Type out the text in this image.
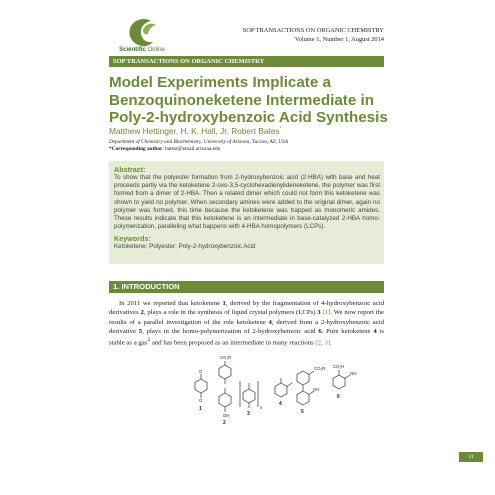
Scientific Online
SOP TRANSACTIONS ON ORGANIC CHEMISTRY
Volume 1, Number 1, August 2014
SOP TRANSACTIONS ON ORGANIC CHEMISTRY
Model Experiments Implicate a Benzoquinoneketene Intermediate in Poly-2-hydroxybenzoic Acid Synthesis
Matthew Hettinger, H. K. Hall, Jr, Robert Bates*
Department of Chemistry and Biochemistry, University of Arizona, Tucson, AZ, USA
*Corresponding author: batesr@email.arizona.edu
Abstract:
To show that the polyester formation from 2-hydroxybenzoic acid (2-HBA) with base and heat proceeds partly via the ketoketene 2-oxo-3,5-cyclohexadienylideneketene, the polymer was first formed from a dimer of 2-HBA. Then a related dimer which could not form this ketoketene was shown to yield no polymer. When secondary amines were added to the original dimer, again no polymer was formed, this time because the ketoketene was trapped as monomeric amides. These results indicate that this ketoketene is an intermediate in base-catalyzed 2-HBA homo-polymerization, paralleling what happens with 4-HBA homopolymers (LCPs).
Keywords:
Ketoketene; Polyester; Poly-2-hydroxybenzoic Acid
1. INTRODUCTION
In 2011 we reported that ketoketene 1, derived by the fragmentation of 4-hydroxybenzoic acid derivatives 2, plays a role in the synthesis of liquid crystal polymers (LCPs) 3 [1]. We now report the results of a parallel investigation of the role ketoketene 4, derived from a 2-hydroxybenzoic acid derivative 5, plays in the homo-polymerization of 2-hydroxybenzoic acid 6. Pure ketoketene 4 is stable as a gas$^2$ and has been proposed as an intermediate in many reactions [2, 3].
CO₂R
O
O
OH
CO₂R
OH
CO₂H
OH
n
1
2
3
4
5
6
31
